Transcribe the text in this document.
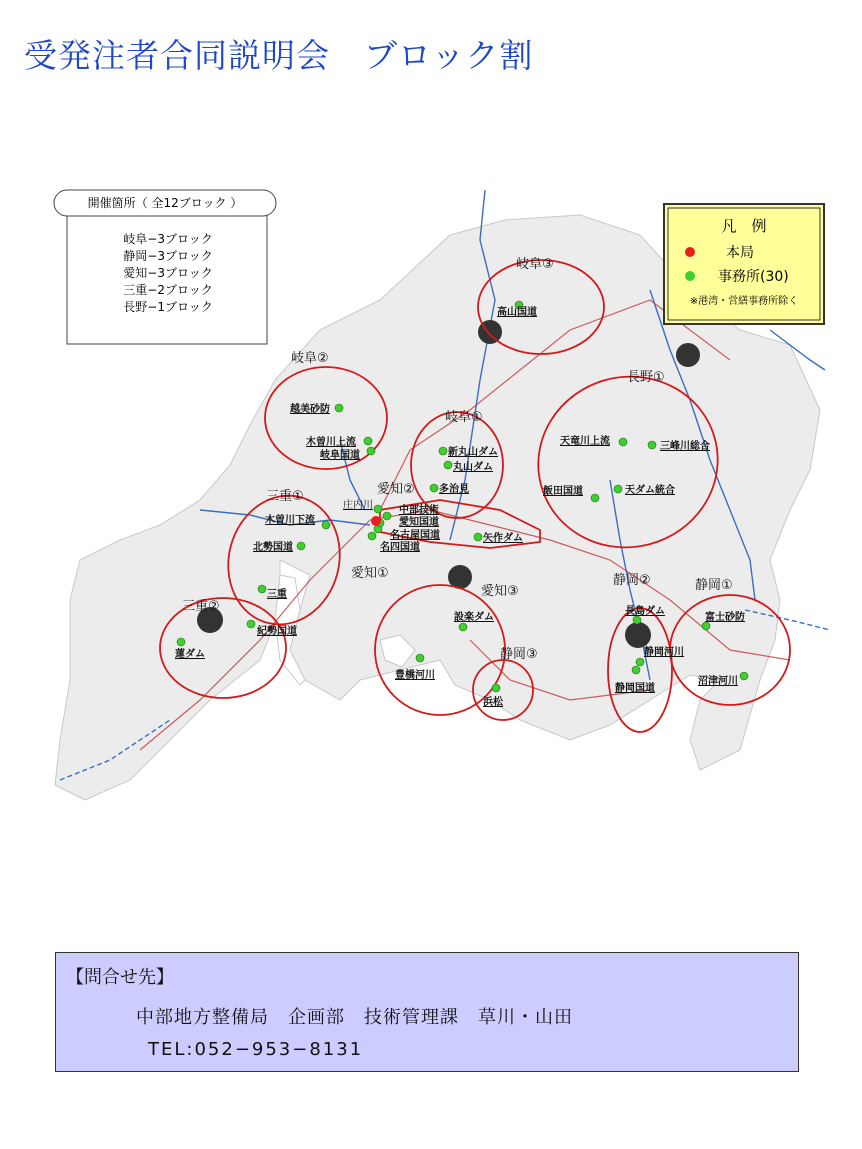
受発注者合同説明会　ブロック割
開催箇所（ 全12ブロック ）
岐阜−3ブロック
静岡−3ブロック
愛知−3ブロック
三重−2ブロック
長野−1ブロック
凡　例
本局
事務所(30)
※港湾・営繕事務所除く
岐阜③
岐阜②
岐阜①
長野①
三重①	愛知②
愛知①
愛知③
三重②
静岡②	静岡①
静岡③
高山国道
越美砂防
木曽川上流
岐阜国道	新丸山ダム
丸山ダム
多治見
天竜川上流	三峰川総合
飯田国道	天ダム統合
中部技術
愛知国道
名古屋国道
名四国道
庄内川
矢作ダム
木曽川下流
北勢国道
三重
紀勢国道
蓮ダム
設楽ダム
豊橋河川
浜松
長島ダム
静岡河川
静岡国道
富士砂防
沼津河川
【問合せ先】
中部地方整備局　企画部　技術管理課　草川・山田
TEL:052−953−8131
